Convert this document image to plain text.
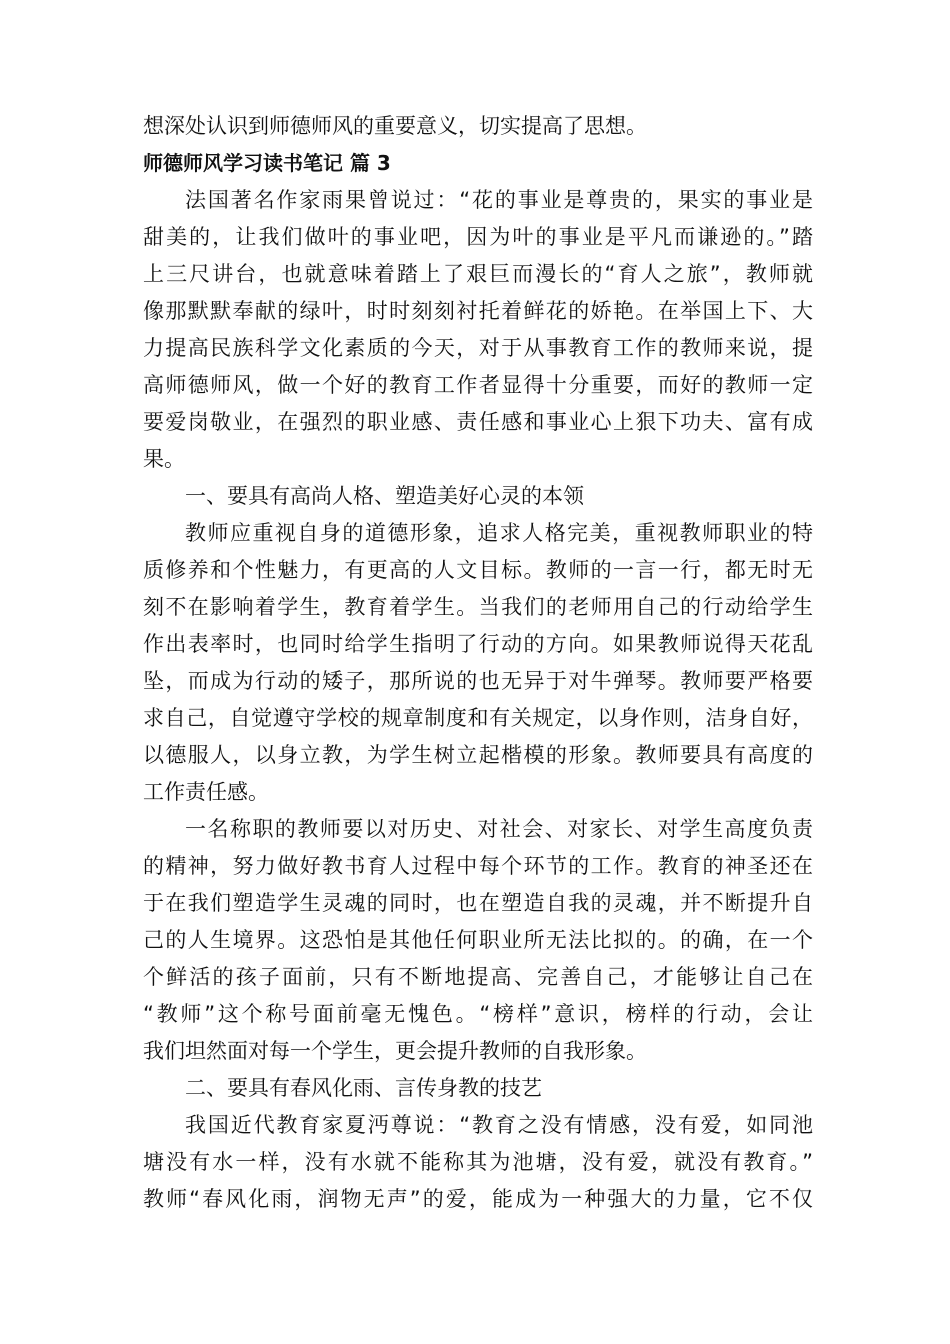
想深处认识到师德师风的重要意义，切实提高了思想。
师德师风学习读书笔记 篇 3
法国著名作家雨果曾说过：“花的事业是尊贵的，果实的事业是
甜美的，让我们做叶的事业吧，因为叶的事业是平凡而谦逊的。”踏
上三尺讲台，也就意味着踏上了艰巨而漫长的“育人之旅”，教师就
像那默默奉献的绿叶，时时刻刻衬托着鲜花的娇艳。在举国上下、大
力提高民族科学文化素质的今天，对于从事教育工作的教师来说，提
高师德师风，做一个好的教育工作者显得十分重要，而好的教师一定
要爱岗敬业，在强烈的职业感、责任感和事业心上狠下功夫、富有成
果。
一、要具有高尚人格、塑造美好心灵的本领
教师应重视自身的道德形象，追求人格完美，重视教师职业的特
质修养和个性魅力，有更高的人文目标。教师的一言一行，都无时无
刻不在影响着学生，教育着学生。当我们的老师用自己的行动给学生
作出表率时，也同时给学生指明了行动的方向。如果教师说得天花乱
坠，而成为行动的矮子，那所说的也无异于对牛弹琴。教师要严格要
求自己，自觉遵守学校的规章制度和有关规定，以身作则，洁身自好，
以德服人，以身立教，为学生树立起楷模的形象。教师要具有高度的
工作责任感。
一名称职的教师要以对历史、对社会、对家长、对学生高度负责
的精神，努力做好教书育人过程中每个环节的工作。教育的神圣还在
于在我们塑造学生灵魂的同时，也在塑造自我的灵魂，并不断提升自
己的人生境界。这恐怕是其他任何职业所无法比拟的。的确，在一个
个鲜活的孩子面前，只有不断地提高、完善自己，才能够让自己在
“教师”这个称号面前毫无愧色。“榜样”意识，榜样的行动，会让
我们坦然面对每一个学生，更会提升教师的自我形象。
二、要具有春风化雨、言传身教的技艺
我国近代教育家夏沔尊说：“教育之没有情感，没有爱，如同池
塘没有水一样，没有水就不能称其为池塘，没有爱，就没有教育。”
教师“春风化雨，润物无声”的爱，能成为一种强大的力量，它不仅
